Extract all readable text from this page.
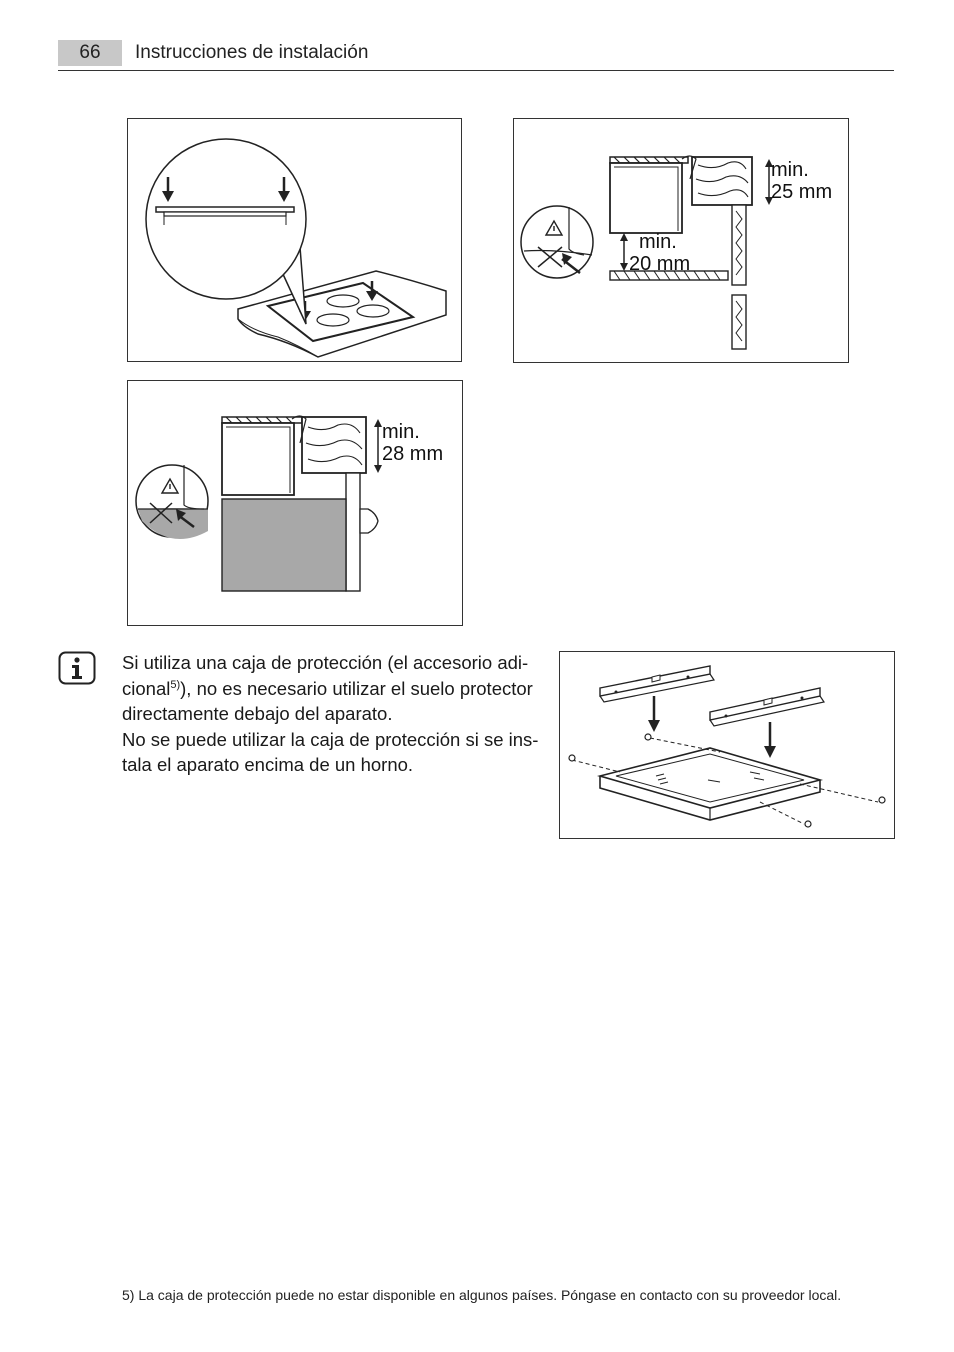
66	Instrucciones de instalación
min.
25 mm
min.
20 mm
min.
28 mm

Si utiliza una caja de protección (el accesorio adi-

cional$^{5)}$), no es necesario utilizar el suelo protector

directamente debajo del aparato.

No se puede utilizar la caja de protección si se ins-

tala el aparato encima de un horno.

5) La caja de protección puede no estar disponible en algunos países. Póngase en contacto con su proveedor local.
